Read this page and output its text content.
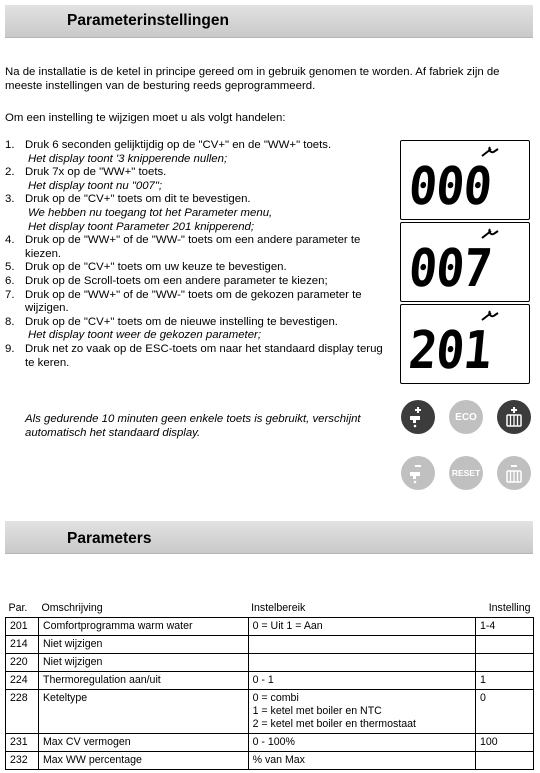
Parameterinstellingen
Na de installatie is de ketel in principe gereed om in gebruik genomen te worden. Af fabriek zijn de meeste instellingen van de besturing reeds geprogrammeerd.
Om een instelling te wijzigen moet u als volgt handelen:
1. Druk 6 seconden gelijktijdig op de "CV+" en de "WW+" toets.
Het display toont '3 knipperende nullen;
2. Druk 7x op de "WW+" toets.
Het display toont nu "007";
3. Druk op de "CV+" toets om dit te bevestigen.
We hebben nu toegang tot het Parameter menu,
Het display toont Parameter 201 knipperend;
4. Druk op de "WW+" of de "WW-" toets om een andere parameter te kiezen.
5. Druk op de "CV+" toets om uw keuze te bevestigen.
6. Druk op de Scroll-toets om een andere parameter te kiezen;
7. Druk op de "WW+" of de "WW-" toets om de gekozen parameter te wijzigen.
8. Druk op de "CV+" toets om de nieuwe instelling te bevestigen.
Het display toont weer de gekozen parameter;
9. Druk net zo vaak op de ESC-toets om naar het standaard display terug te keren.
Als gedurende 10 minuten geen enkele toets is gebruikt, verschijnt automatisch het standaard display.
000
007
201
ECO
RESET
Parameters
Par.	Omschrijving	Instelbereik	Instelling
201	Comfortprogramma warm water	0 = Uit 1 = Aan	1-4
214	Niet wijzigen		
220	Niet wijzigen		
224	Thermoregulation aan/uit	0 - 1	1
228	Keteltype	0 = combi
1 = ketel met boiler en NTC
2 = ketel met boiler en thermostaat	0
231	Max CV vermogen	0 - 100%	100
232	Max WW percentage	% van Max	
